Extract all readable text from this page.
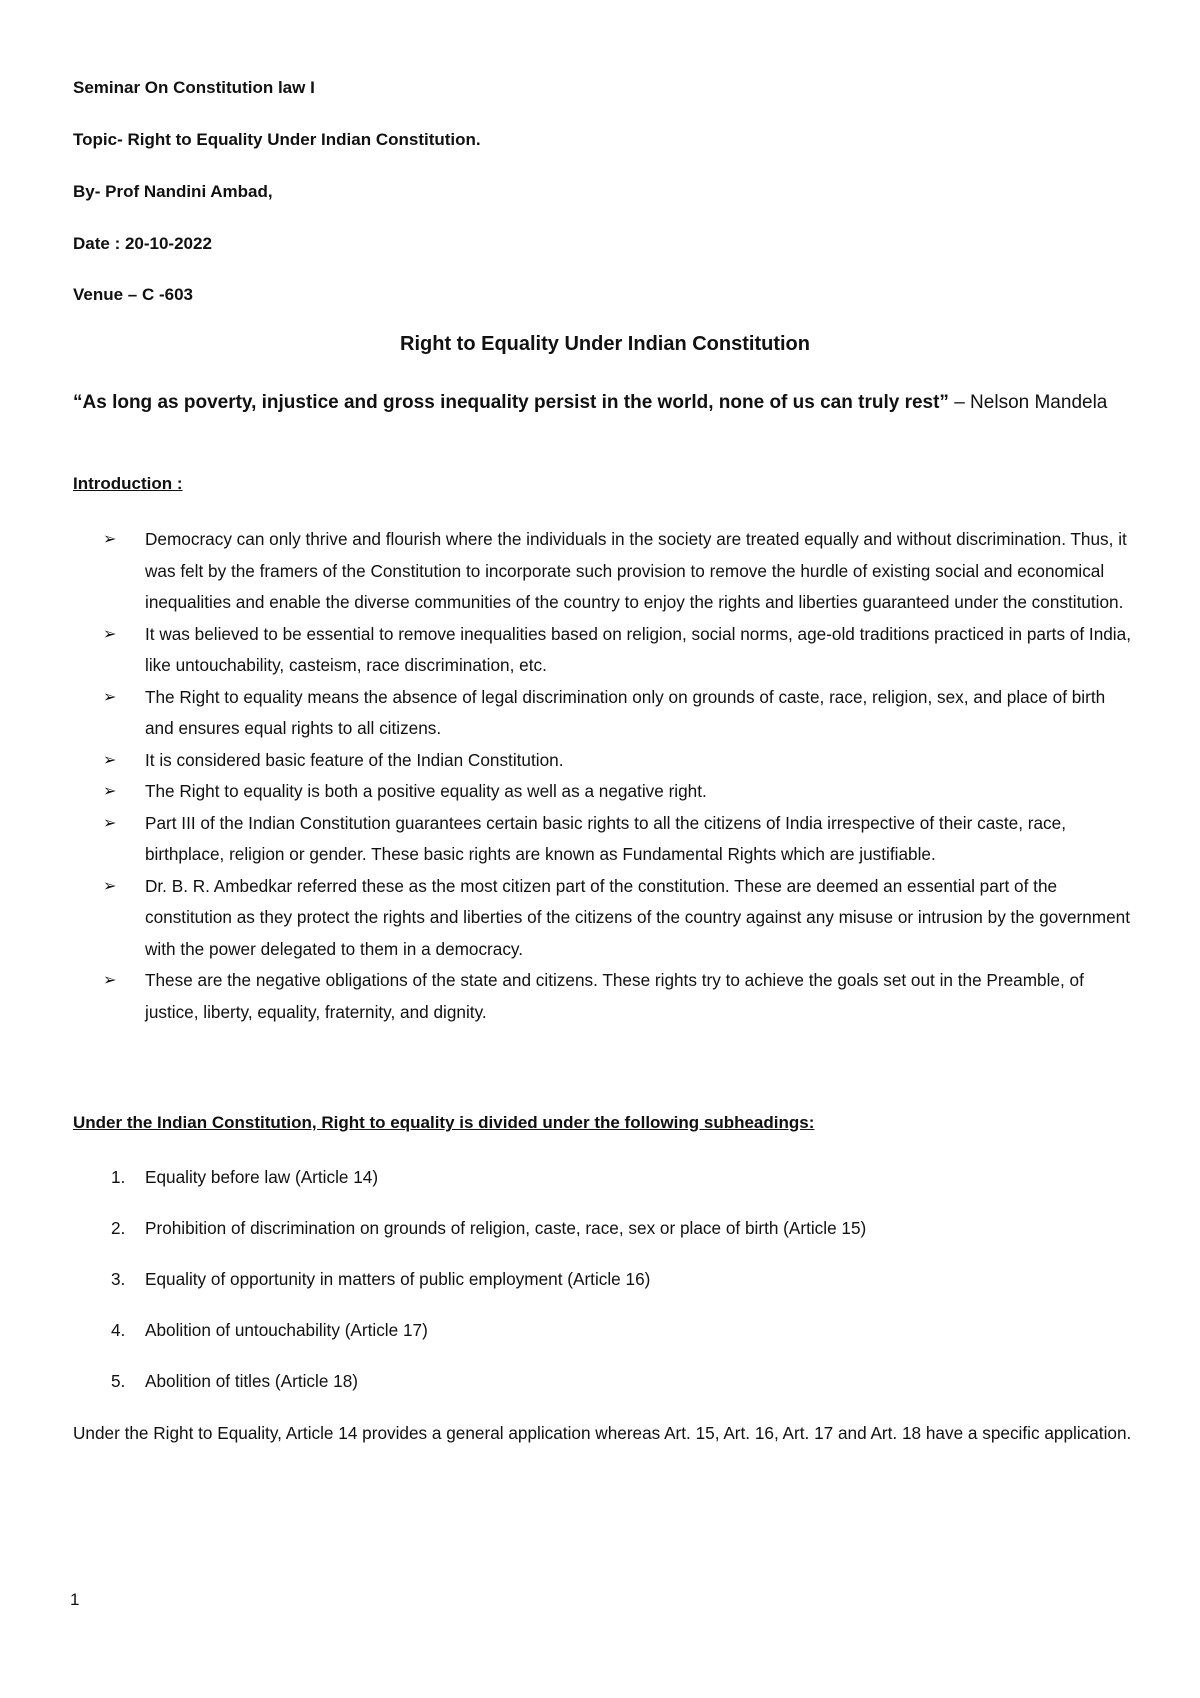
Seminar On Constitution law I
Topic- Right to Equality Under Indian Constitution.
By- Prof Nandini Ambad,
Date : 20-10-2022
Venue – C -603
Right to Equality Under Indian Constitution
“As long as poverty, injustice and gross inequality persist in the world, none of us can truly rest” – Nelson Mandela
Introduction :
➢ Democracy can only thrive and flourish where the individuals in the society are treated equally and without discrimination. Thus, it was felt by the framers of the Constitution to incorporate such provision to remove the hurdle of existing social and economical inequalities and enable the diverse communities of the country to enjoy the rights and liberties guaranteed under the constitution.
➢ It was believed to be essential to remove inequalities based on religion, social norms, age-old traditions practiced in parts of India, like untouchability, casteism, race discrimination, etc.
➢ The Right to equality means the absence of legal discrimination only on grounds of caste, race, religion, sex, and place of birth and ensures equal rights to all citizens.
➢ It is considered basic feature of the Indian Constitution.
➢ The Right to equality is both a positive equality as well as a negative right.
➢ Part III of the Indian Constitution guarantees certain basic rights to all the citizens of India irrespective of their caste, race, birthplace, religion or gender. These basic rights are known as Fundamental Rights which are justifiable.
➢ Dr. B. R. Ambedkar referred these as the most citizen part of the constitution. These are deemed an essential part of the constitution as they protect the rights and liberties of the citizens of the country against any misuse or intrusion by the government with the power delegated to them in a democracy.
➢ These are the negative obligations of the state and citizens. These rights try to achieve the goals set out in the Preamble, of justice, liberty, equality, fraternity, and dignity.
Under the Indian Constitution, Right to equality is divided under the following subheadings:
1. Equality before law (Article 14)
2. Prohibition of discrimination on grounds of religion, caste, race, sex or place of birth (Article 15)
3. Equality of opportunity in matters of public employment (Article 16)
4. Abolition of untouchability (Article 17)
5. Abolition of titles (Article 18)
Under the Right to Equality, Article 14 provides a general application whereas Art. 15, Art. 16, Art. 17 and Art. 18 have a specific application.
1
